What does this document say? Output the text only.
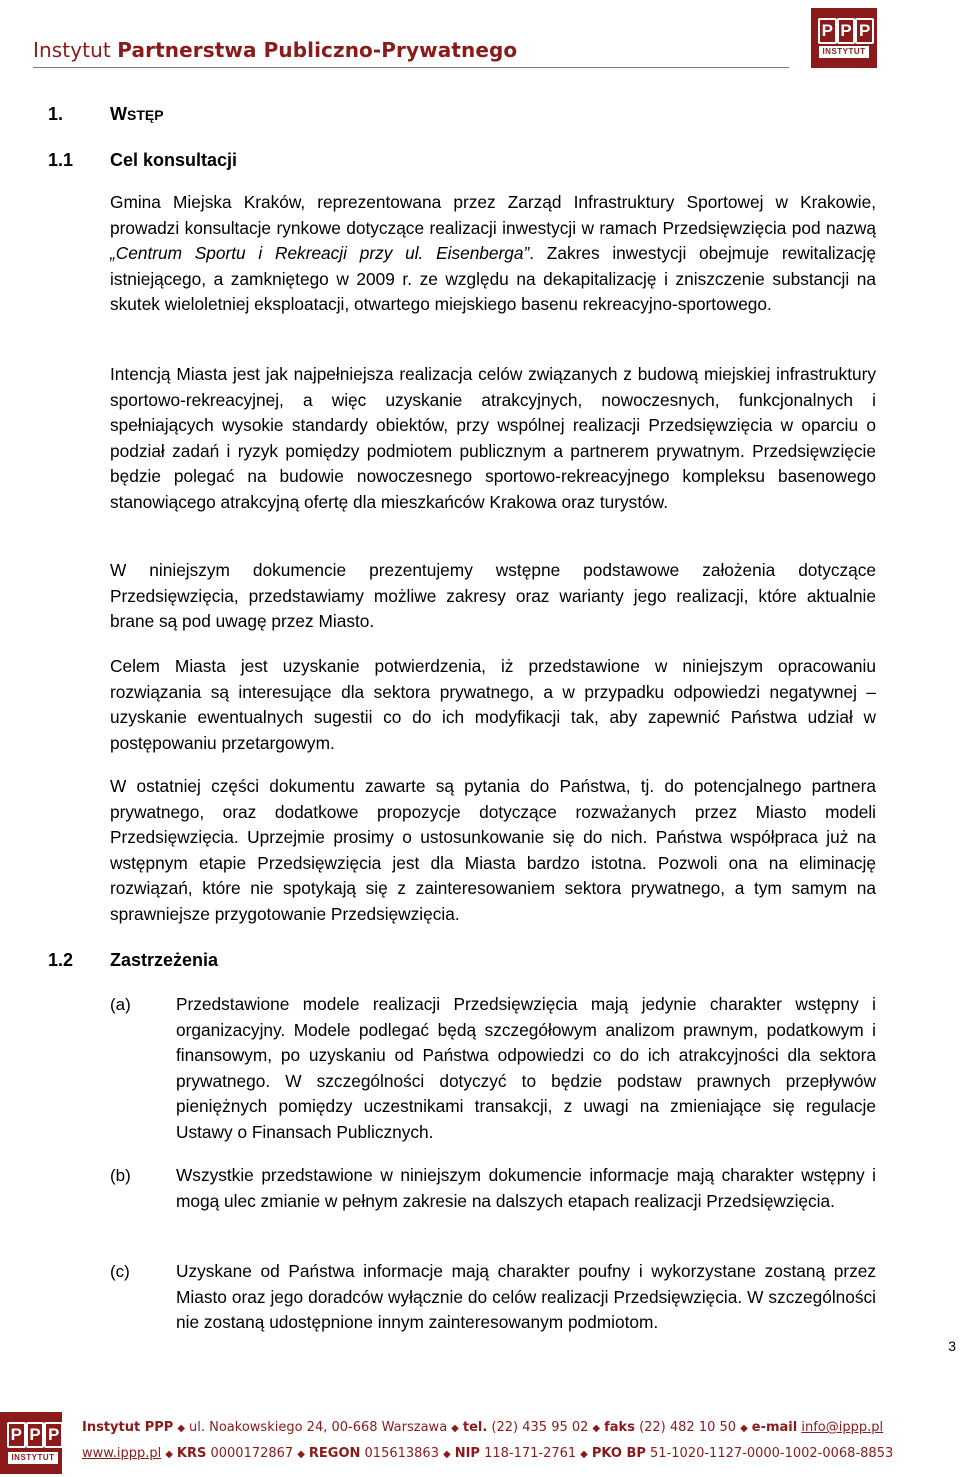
Instytut Partnerstwa Publiczno-Prywatnego
P P P
INSTYTUT
1.	WSTĘP
1.1 Cel konsultacji

Gmina Miejska Kraków, reprezentowana przez Zarząd Infrastruktury Sportowej w Krakowie, prowadzi konsultacje rynkowe dotyczące realizacji inwestycji w ramach Przedsięwzięcia pod nazwą „Centrum Sportu i Rekreacji przy ul. Eisenberga”. Zakres inwestycji obejmuje rewitalizację istniejącego, a zamkniętego w 2009 r. ze względu na dekapitalizację i zniszczenie substancji na skutek wieloletniej eksploatacji, otwartego miejskiego basenu rekreacyjno-sportowego.

Intencją Miasta jest jak najpełniejsza realizacja celów związanych z budową miejskiej infrastruktury sportowo-rekreacyjnej, a więc uzyskanie atrakcyjnych, nowoczesnych, funkcjonalnych i spełniających wysokie standardy obiektów, przy wspólnej realizacji Przedsięwzięcia w oparciu o podział zadań i ryzyk pomiędzy podmiotem publicznym a partnerem prywatnym. Przedsięwzięcie będzie polegać na budowie nowoczesnego sportowo-rekreacyjnego kompleksu basenowego stanowiącego atrakcyjną ofertę dla mieszkańców Krakowa oraz turystów.

W niniejszym dokumencie prezentujemy wstępne podstawowe założenia dotyczące Przedsięwzięcia, przedstawiamy możliwe zakresy oraz warianty jego realizacji, które aktualnie brane są pod uwagę przez Miasto.

Celem Miasta jest uzyskanie potwierdzenia, iż przedstawione w niniejszym opracowaniu rozwiązania są interesujące dla sektora prywatnego, a w przypadku odpowiedzi negatywnej – uzyskanie ewentualnych sugestii co do ich modyfikacji tak, aby zapewnić Państwa udział w postępowaniu przetargowym.

W ostatniej części dokumentu zawarte są pytania do Państwa, tj. do potencjalnego partnera prywatnego, oraz dodatkowe propozycje dotyczące rozważanych przez Miasto modeli Przedsięwzięcia. Uprzejmie prosimy o ustosunkowanie się do nich. Państwa współpraca już na wstępnym etapie Przedsięwzięcia jest dla Miasta bardzo istotna. Pozwoli ona na eliminację rozwiązań, które nie spotykają się z zainteresowaniem sektora prywatnego, a tym samym na sprawniejsze przygotowanie Przedsięwzięcia.

1.2 Zastrzeżenia
(a)	Przedstawione modele realizacji Przedsięwzięcia mają jedynie charakter wstępny i organizacyjny. Modele podlegać będą szczegółowym analizom prawnym, podatkowym i finansowym, po uzyskaniu od Państwa odpowiedzi co do ich atrakcyjności dla sektora prywatnego. W szczególności dotyczyć to będzie podstaw prawnych przepływów pieniężnych pomiędzy uczestnikami transakcji, z uwagi na zmieniające się regulacje Ustawy o Finansach Publicznych.

(b)	Wszystkie przedstawione w niniejszym dokumencie informacje mają charakter wstępny i mogą ulec zmianie w pełnym zakresie na dalszych etapach realizacji Przedsięwzięcia.

(c)	Uzyskane od Państwa informacje mają charakter poufny i wykorzystane zostaną przez Miasto oraz jego doradców wyłącznie do celów realizacji Przedsięwzięcia. W szczególności nie zostaną udostępnione innym zainteresowanym podmiotom.

3
P P P
INSTYTUT
Instytut PPP ◆ ul. Noakowskiego 24, 00-668 Warszawa ◆ tel. (22) 435 95 02 ◆ faks (22) 482 10 50 ◆ e-mail info@ippp.pl
www.ippp.pl ◆ KRS 0000172867 ◆ REGON 015613863 ◆ NIP 118-171-2761 ◆ PKO BP 51-1020-1127-0000-1002-0068-8853
